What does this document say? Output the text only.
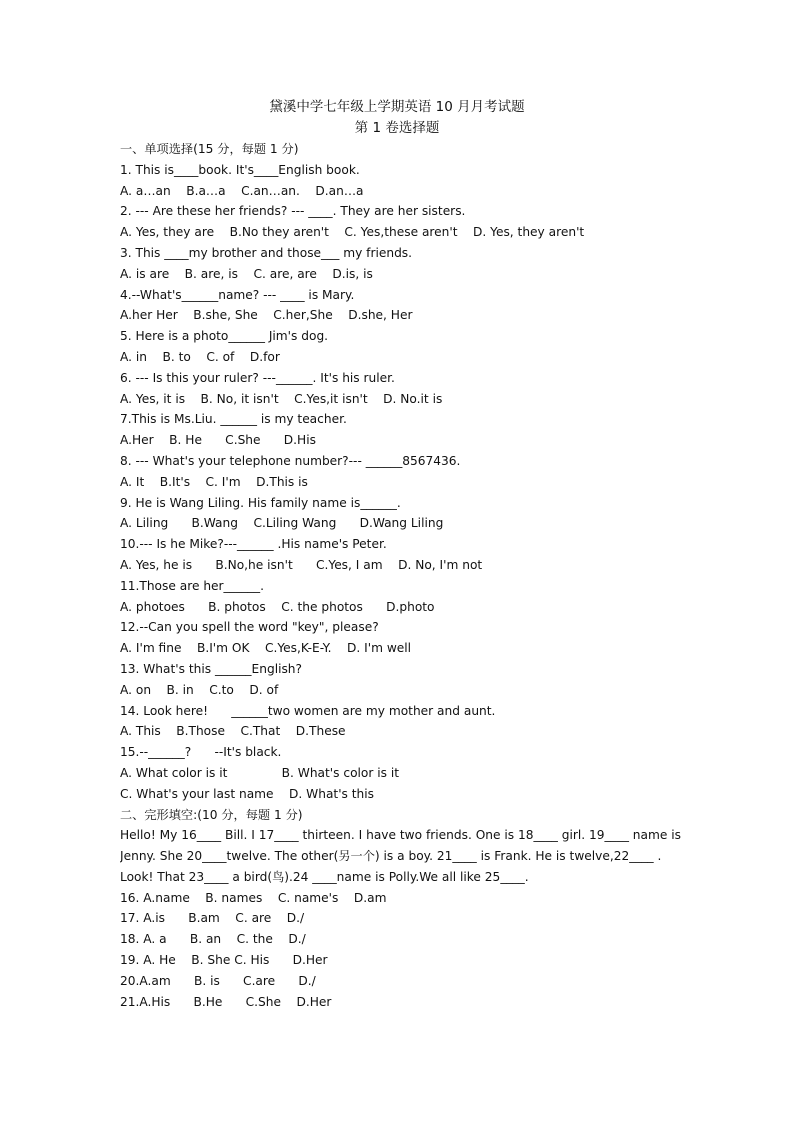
黛溪中学七年级上学期英语 10 月月考试题
第 1 卷选择题
一、单项选择(15 分，每题 1 分)
1. This is____book. It's____English book.
A. a…an    B.a…a    C.an…an.    D.an…a
2. --- Are these her friends? --- ____. They are her sisters.
A. Yes, they are    B.No they aren't    C. Yes,these aren't    D. Yes, they aren't
3. This ____my brother and those___ my friends.
A. is are    B. are, is    C. are, are    D.is, is
4.--What's______name? --- ____ is Mary.
A.her Her    B.she, She    C.her,She    D.she, Her
5. Here is a photo______ Jim's dog.
A. in    B. to    C. of    D.for
6. --- Is this your ruler? ---______. It's his ruler.
A. Yes, it is    B. No, it isn't    C.Yes,it isn't    D. No.it is
7.This is Ms.Liu. ______ is my teacher.
A.Her    B. He      C.She      D.His
8. --- What's your telephone number?--- ______8567436.
A. It    B.It's    C. I'm    D.This is
9. He is Wang Liling. His family name is______.
A. Liling      B.Wang    C.Liling Wang      D.Wang Liling
10.--- Is he Mike?---______ .His name's Peter.
A. Yes, he is      B.No,he isn't      C.Yes, I am    D. No, I'm not
11.Those are her______.
A. photoes      B. photos    C. the photos      D.photo
12.--Can you spell the word "key", please?
A. I'm fine    B.I'm OK    C.Yes,K-E-Y.    D. I'm well
13. What's this ______English?
A. on    B. in    C.to    D. of
14. Look here!      ______two women are my mother and aunt.
A. This    B.Those    C.That    D.These
15.--______?      --It's black.
A. What color is it              B. What's color is it
C. What's your last name    D. What's this
二、完形填空:(10 分，每题 1 分)
Hello! My 16____ Bill. I 17____ thirteen. I have two friends. One is 18____ girl. 19____ name is
Jenny. She 20____twelve. The other(另一个) is a boy. 21____ is Frank. He is twelve,22____ .
Look! That 23____ a bird(鸟).24 ____name is Polly.We all like 25____.
16. A.name    B. names    C. name's    D.am
17. A.is      B.am    C. are    D./
18. A. a      B. an    C. the    D./
19. A. He    B. She C. His      D.Her
20.A.am      B. is      C.are      D./
21.A.His      B.He      C.She    D.Her
